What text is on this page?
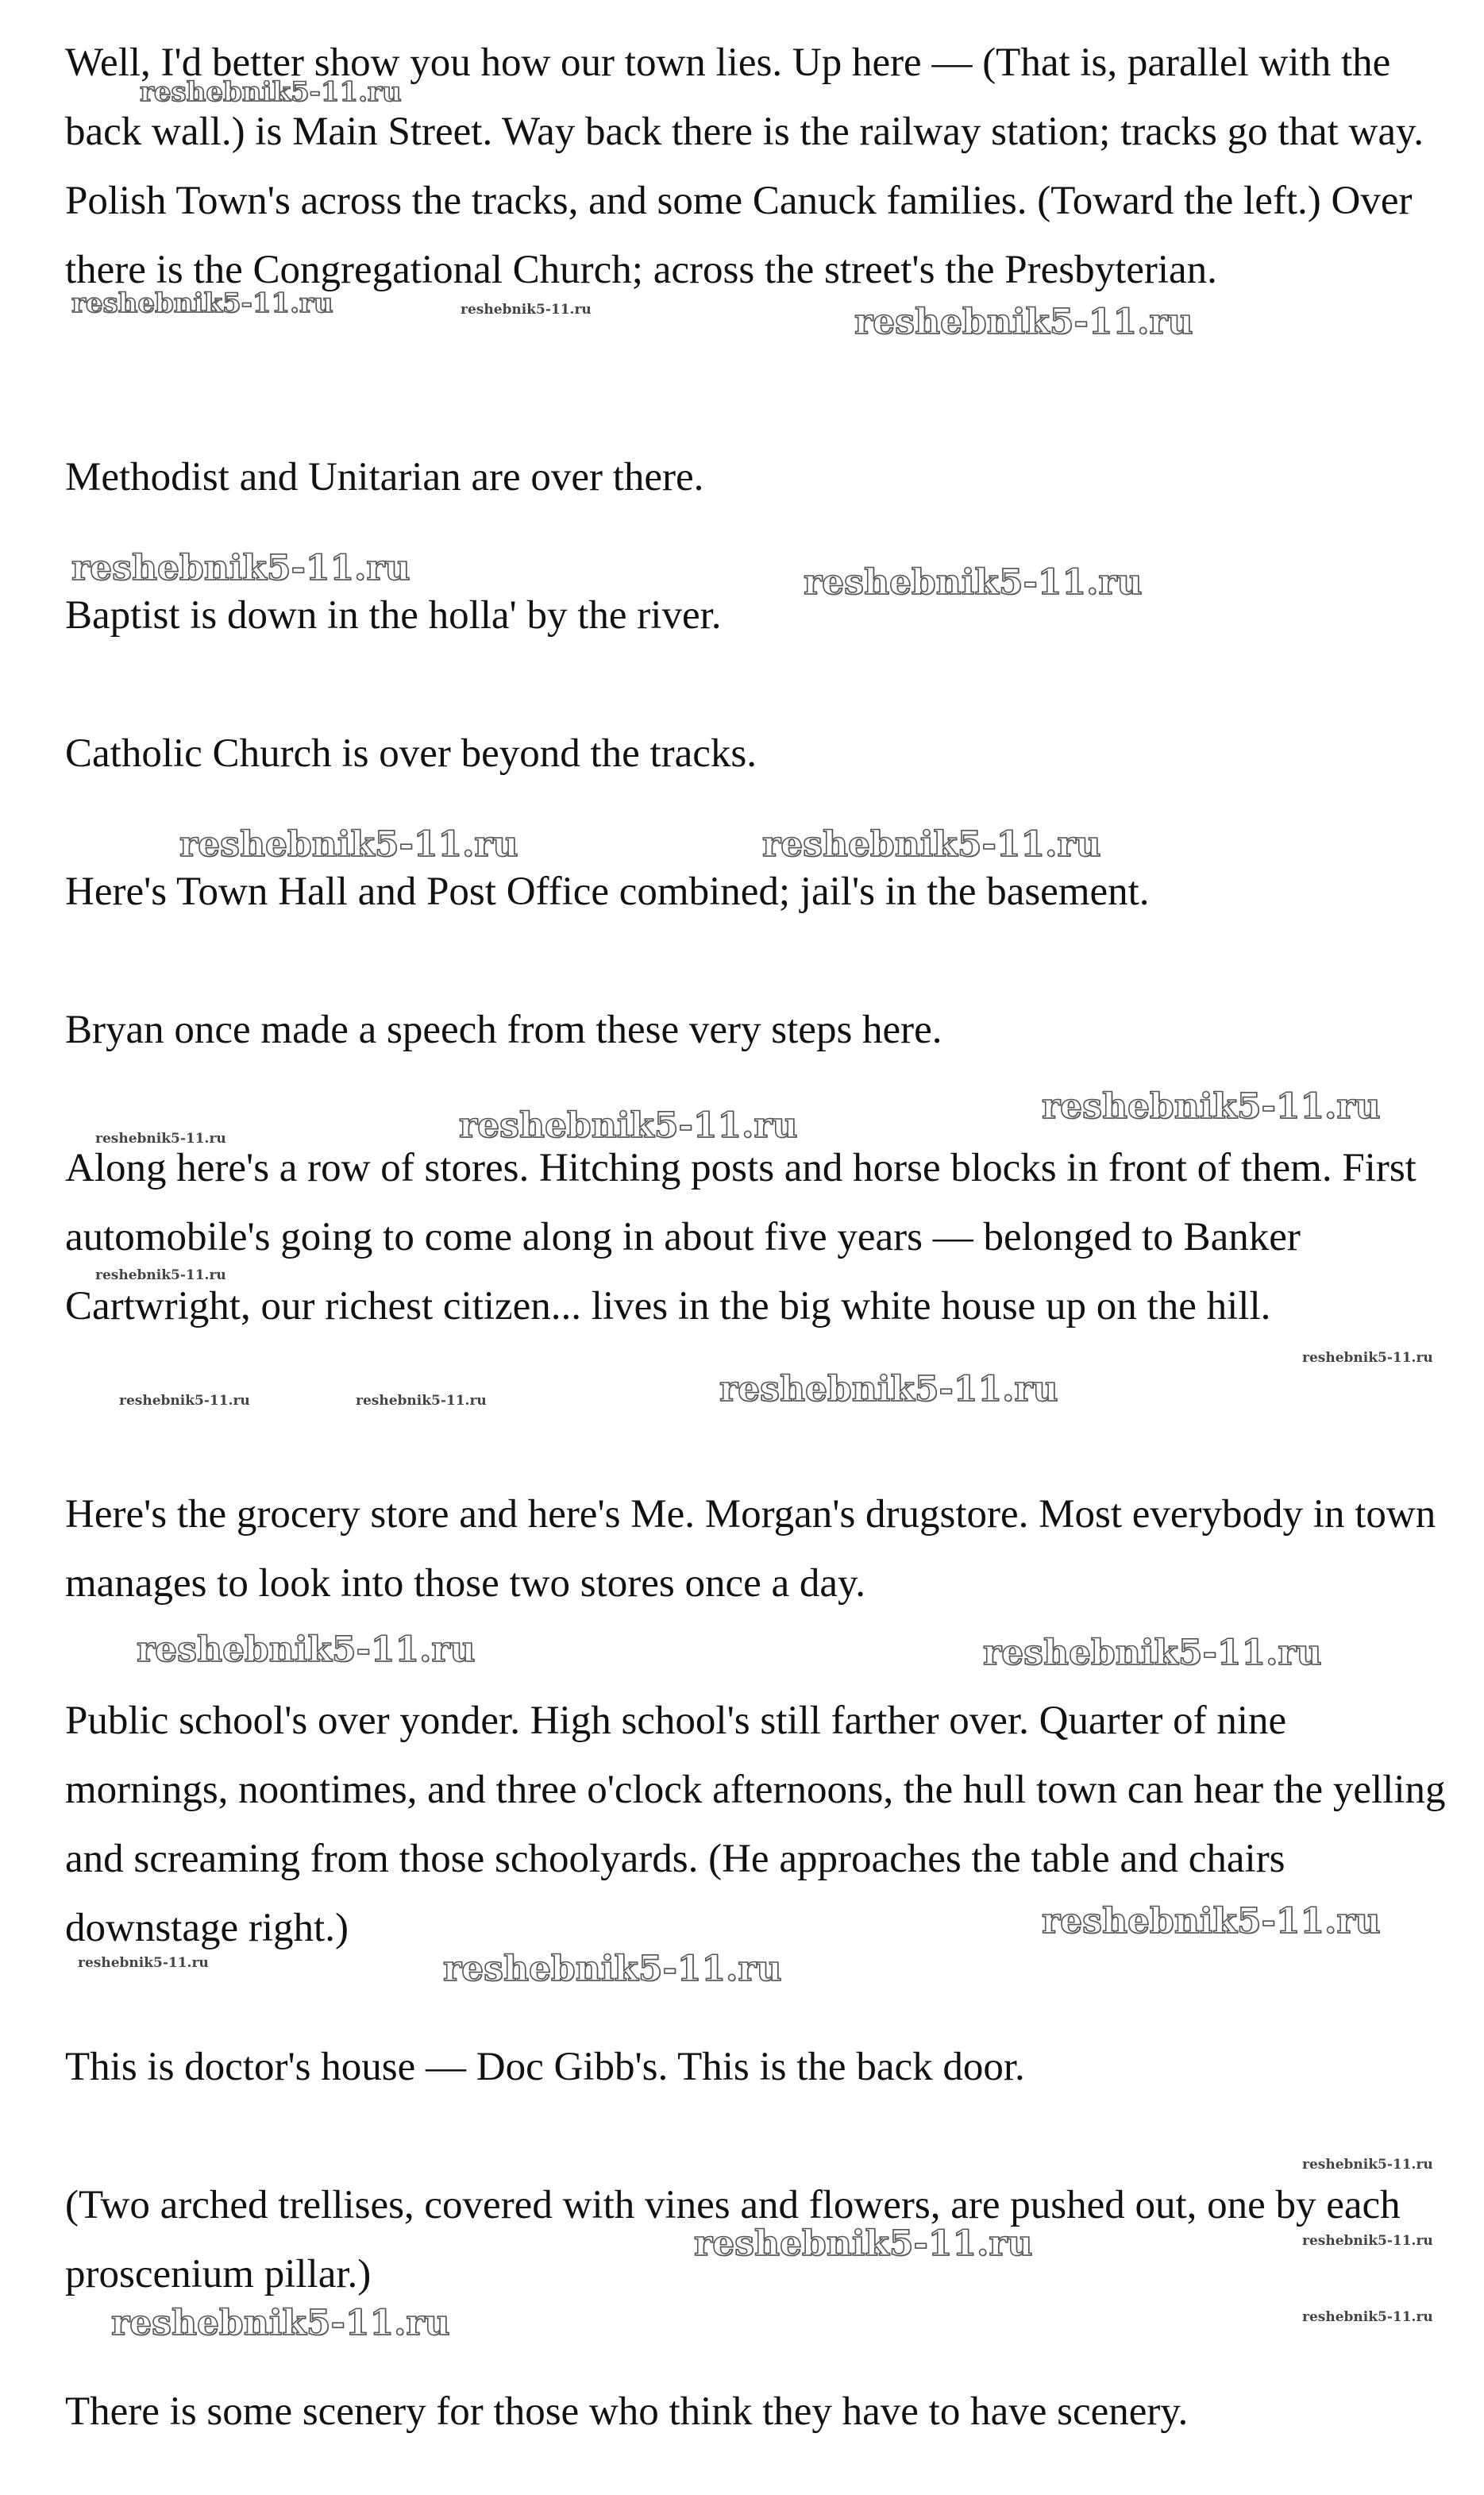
Well, I'd better show you how our town lies. Up here — (That is, parallel with the back wall.) is Main Street. Way back there is the railway station; tracks go that way. Polish Town's across the tracks, and some Canuck families. (Toward the left.) Over there is the Congregational Church; across the street's the Presbyterian.

Methodist and Unitarian are over there.

Baptist is down in the holla' by the river.

Catholic Church is over beyond the tracks.

Here's Town Hall and Post Office combined; jail's in the basement.

Bryan once made a speech from these very steps here.

Along here's a row of stores. Hitching posts and horse blocks in front of them. First automobile's going to come along in about five years — belonged to Banker Cartwright, our richest citizen... lives in the big white house up on the hill.

Here's the grocery store and here's Me. Morgan's drugstore. Most everybody in town manages to look into those two stores once a day.

Public school's over yonder. High school's still farther over. Quarter of nine mornings, noontimes, and three o'clock afternoons, the hull town can hear the yelling and screaming from those schoolyards. (He approaches the table and chairs downstage right.)

This is doctor's house — Doc Gibb's. This is the back door.

(Two arched trellises, covered with vines and flowers, are pushed out, one by each proscenium pillar.)

There is some scenery for those who think they have to have scenery.

reshebnik5-11.ru
reshebnik5-11.ru	reshebnik5-11.ru	reshebnik5-11.ru
reshebnik5-11.ru	reshebnik5-11.ru
reshebnik5-11.ru	reshebnik5-11.ru
reshebnik5-11.ru
reshebnik5-11.ru	reshebnik5-11.ru
reshebnik5-11.ru
reshebnik5-11.ru
reshebnik5-11.ru	reshebnik5-11.ru	reshebnik5-11.ru
reshebnik5-11.ru	reshebnik5-11.ru
reshebnik5-11.ru
reshebnik5-11.ru	reshebnik5-11.ru
reshebnik5-11.ru
reshebnik5-11.ru	reshebnik5-11.ru
reshebnik5-11.ru	reshebnik5-11.ru
